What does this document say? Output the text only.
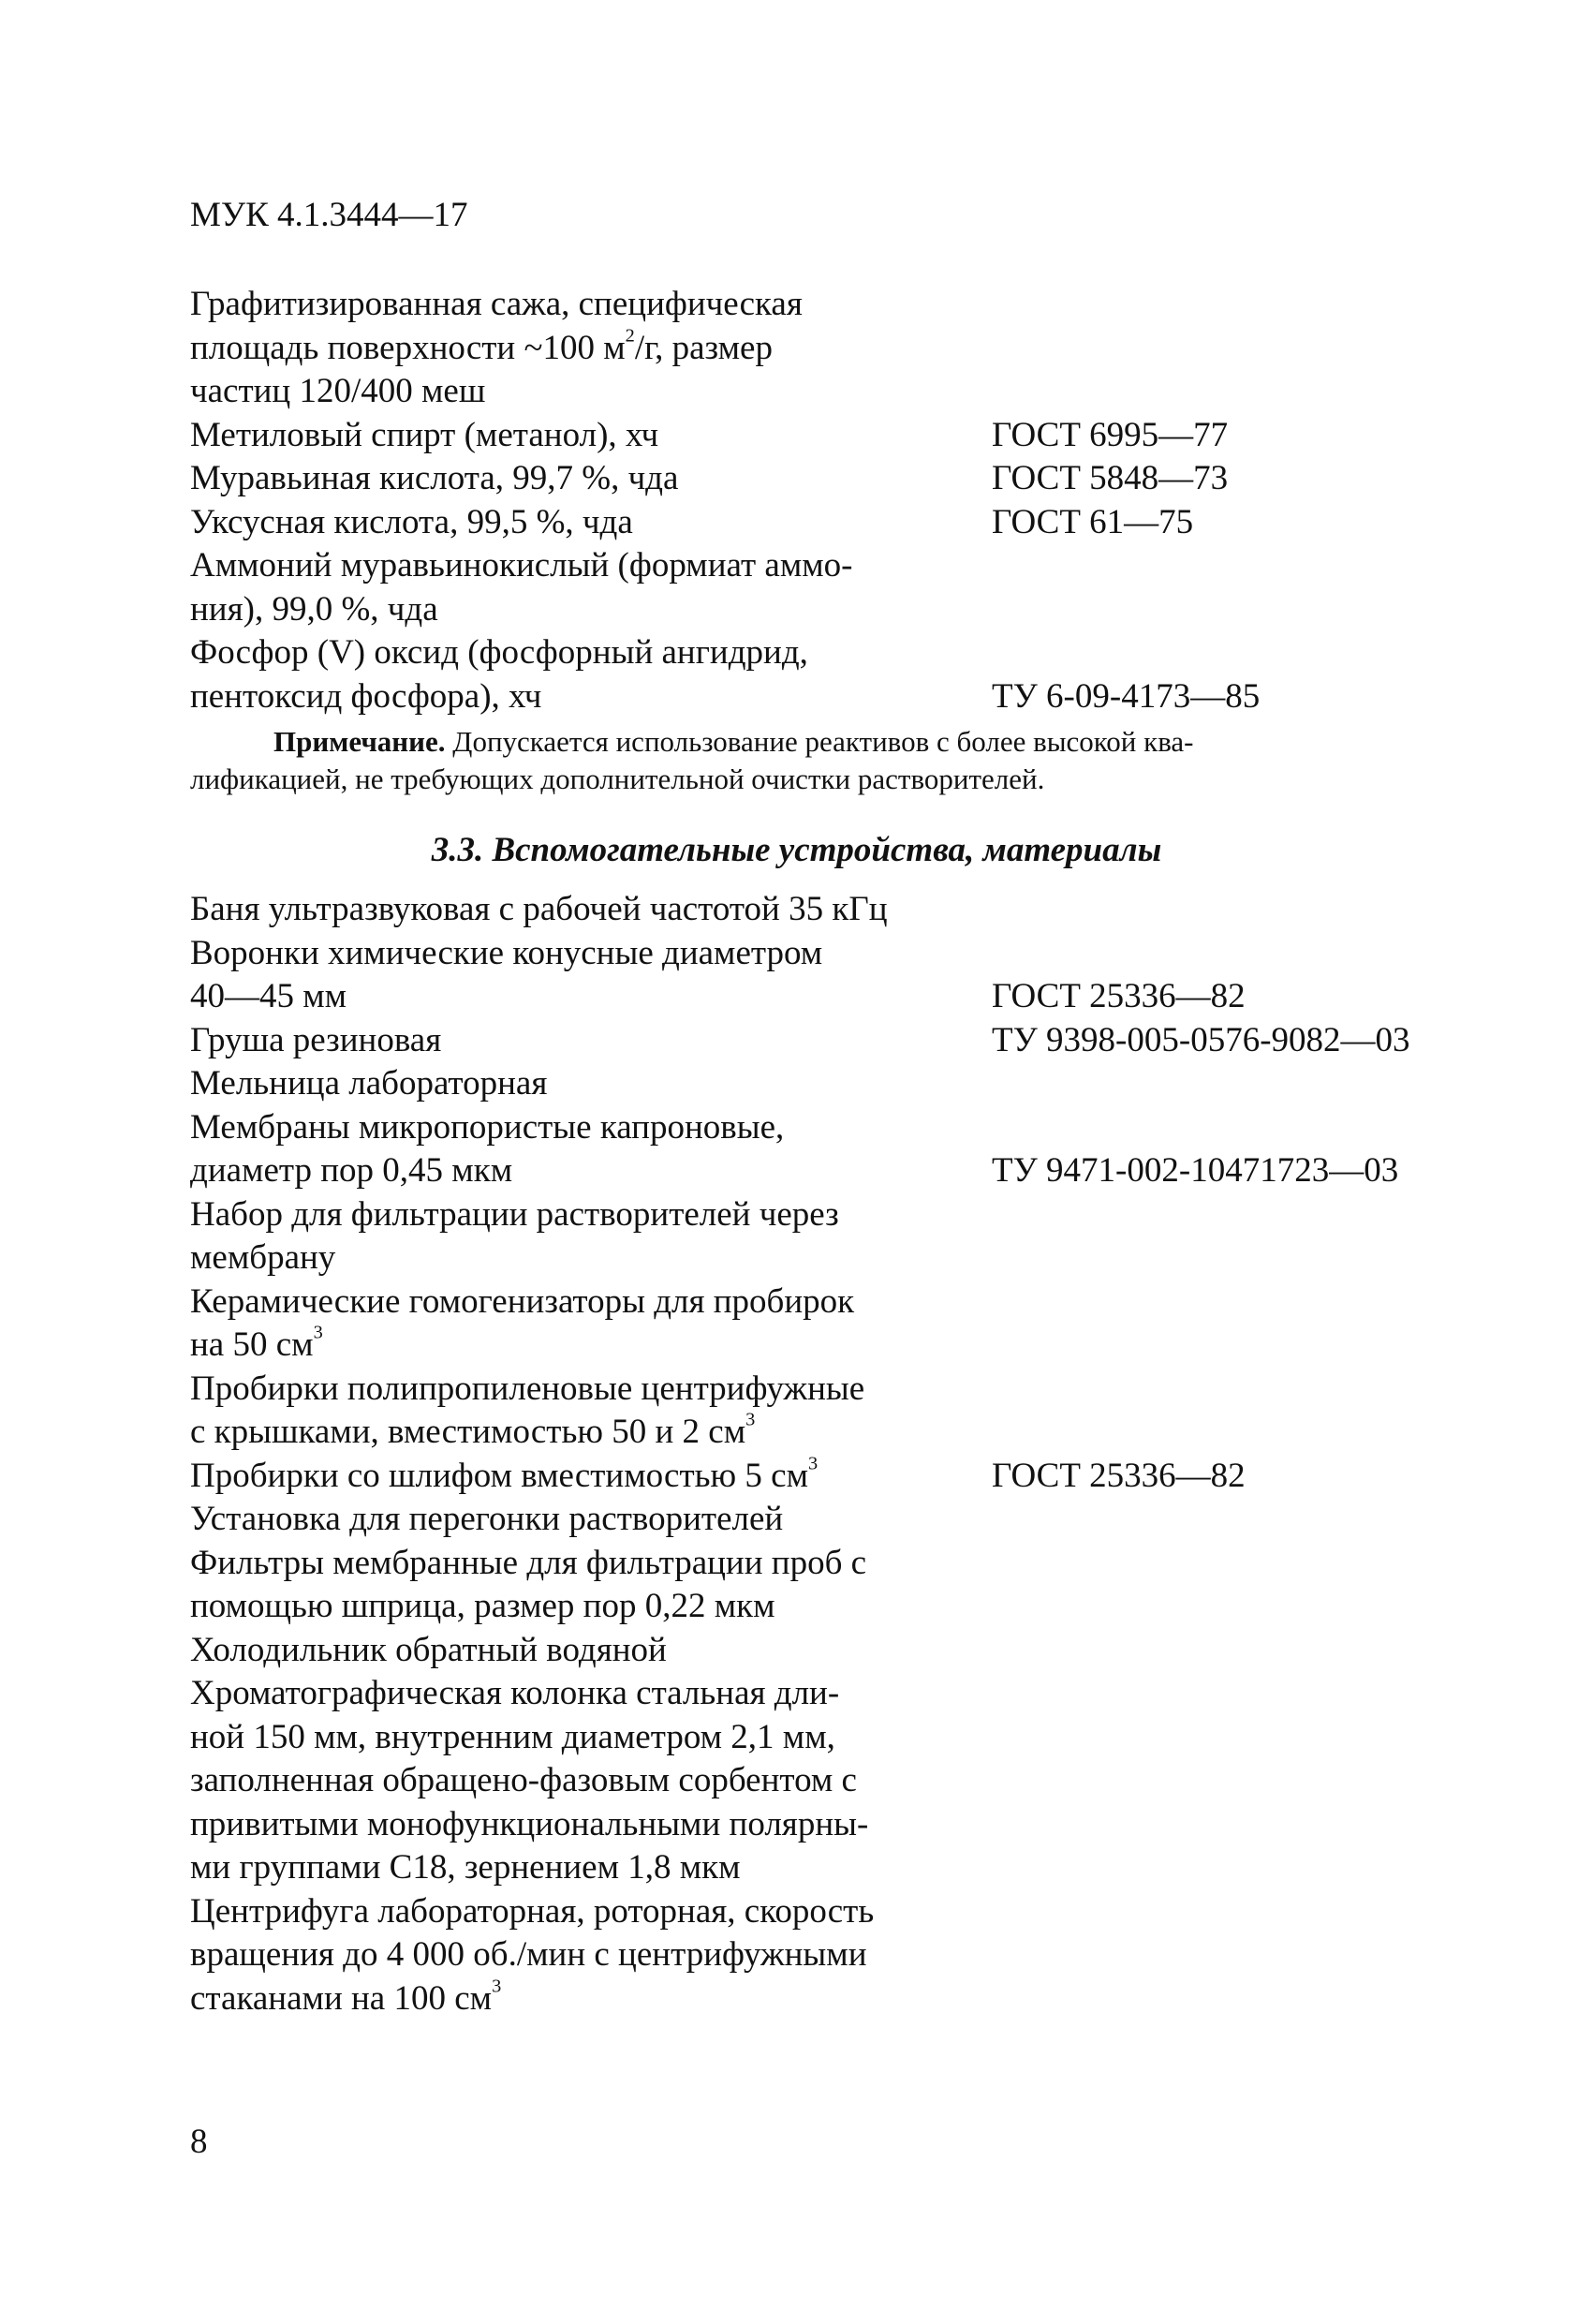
МУК 4.1.3444—17
Графитизированная сажа, специфическая
площадь поверхности ~100 $м^2/г$, размер
частиц 120/400 меш
Метиловый спирт (метанол), хч	ГОСТ 6995—77
Муравьиная кислота, 99,7 %, чда	ГОСТ 5848—73
Уксусная кислота, 99,5 %, чда	ГОСТ 61—75
Аммоний муравьинокислый (формиат аммо-
ния), 99,0 %, чда
Фосфор (V) оксид (фосфорный ангидрид,
пентоксид фосфора), хч	ТУ 6-09-4173—85
Примечание. Допускается использование реактивов с более высокой ква-
лификацией, не требующих дополнительной очистки растворителей.
3.3. Вспомогательные устройства, материалы
Баня ультразвуковая с рабочей частотой 35 кГц
Воронки химические конусные диаметром
40—45 мм	ГОСТ 25336—82
Груша резиновая	ТУ 9398-005-0576-9082—03
Мельница лабораторная
Мембраны микропористые капроновые,
диаметр пор 0,45 мкм	ТУ 9471-002-10471723—03
Набор для фильтрации растворителей через
мембрану
Керамические гомогенизаторы для пробирок
на 50 $см^3$
Пробирки полипропиленовые центрифужные
с крышками, вместимостью 50 и 2 $см^3$
Пробирки со шлифом вместимостью 5 $см^3$	ГОСТ 25336—82
Установка для перегонки растворителей
Фильтры мембранные для фильтрации проб с
помощью шприца, размер пор 0,22 мкм
Холодильник обратный водяной
Хроматографическая колонка стальная дли-
ной 150 мм, внутренним диаметром 2,1 мм,
заполненная обращено-фазовым сорбентом с
привитыми монофункциональными полярны-
ми группами С18, зернением 1,8 мкм
Центрифуга лабораторная, роторная, скорость
вращения до 4 000 об./мин с центрифужными
стаканами на 100 $см^3$
8
